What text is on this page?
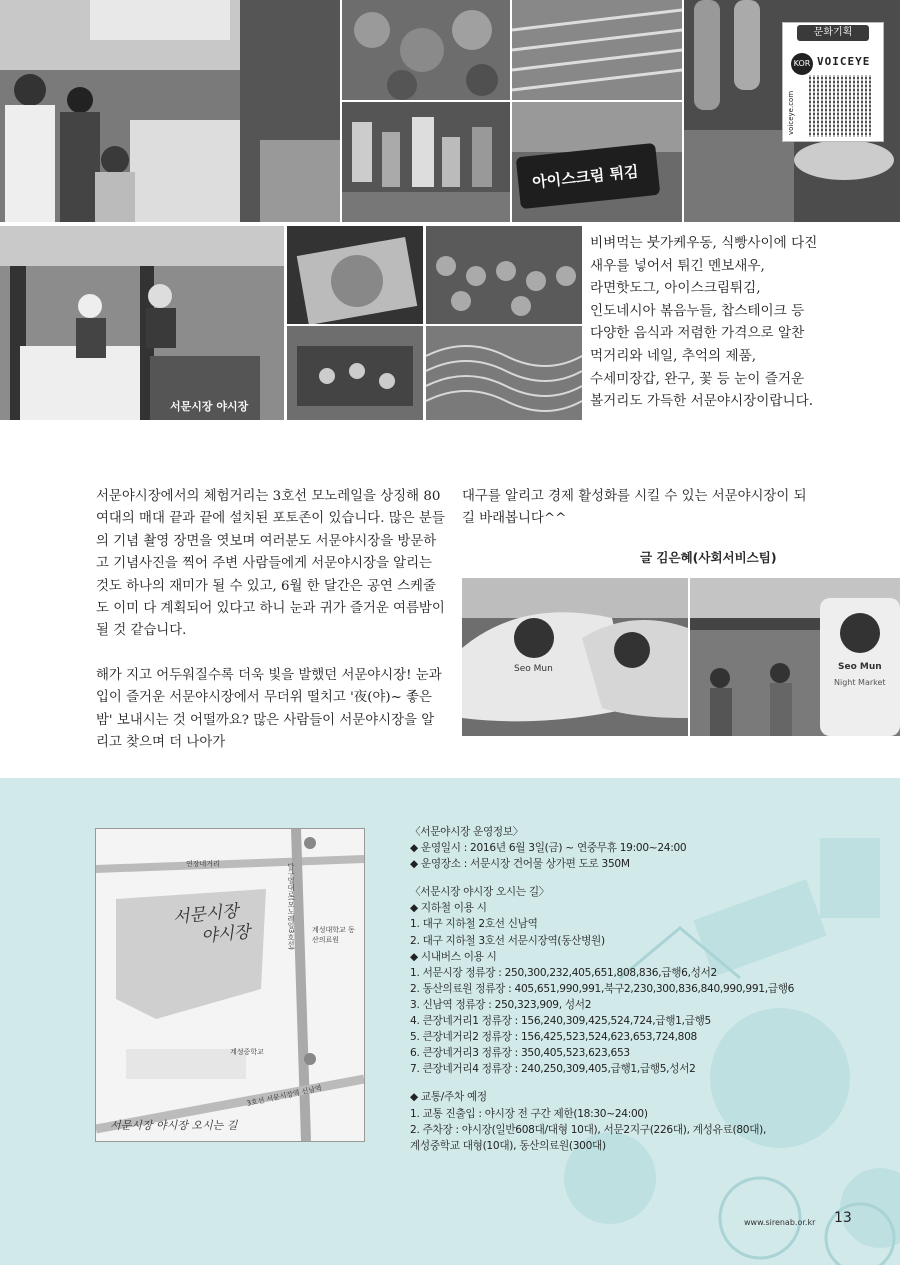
아이스크림 튀김
문화기획
KOR VOICEYE
voiceye.com
서문시장 야시장
비벼먹는 붓가케우동, 식빵사이에 다진 새우를 넣어서 튀긴 멘보새우, 라면핫도그, 아이스크림튀김, 인도네시아 볶음누들, 찹스테이크 등 다양한 음식과 저렴한 가격으로 알찬 먹거리와 네일, 추억의 제품, 수세미장갑, 완구, 꽃 등 눈이 즐거운 볼거리도 가득한 서문야시장이랍니다.

서문야시장에서의 체험거리는 3호선 모노레일을 상징해 80여대의 매대 끝과 끝에 설치된 포토존이 있습니다. 많은 분들의 기념 촬영 장면을 엿보며 여러분도 서문야시장을 방문하고 기념사진을 찍어 주변 사람들에게 서문야시장을 알리는 것도 하나의 재미가 될 수 있고, 6월 한 달간은 공연 스케줄도 이미 다 계획되어 있다고 하니 눈과 귀가 즐거운 여름밤이 될 것 같습니다.

해가 지고 어두워질수록 더욱 빛을 발했던 서문야시장! 눈과 입이 즐거운 서문야시장에서 무더위 떨치고 '夜(야)~ 좋은 밤' 보내시는 것 어떨까요? 많은 사람들이 서문야시장을 알리고 찾으며 더 나아가

대구를 알리고 경제 활성화를 시킬 수 있는 서문야시장이 되길 바래봅니다^^

글 김은혜(사회서비스팀)
Seo Mun	Seo Mun
Night Market
연장네거리	달구벌대로(모노레일3호선) 계성대학교 동산의료원
계성중학교
3호선 서문시장역 신남역
서문시장
야시장
서문시장 야시장 오시는 길
〈서문야시장 운영정보〉
◆ 운영일시 : 2016년 6월 3일(금) ~ 연중무휴 19:00~24:00
◆ 운영장소 : 서문시장 건어물 상가편 도로 350M
〈서문시장 야시장 오시는 길〉
◆ 지하철 이용 시
1. 대구 지하철 2호선 신남역
2. 대구 지하철 3호선 서문시장역(동산병원)
◆ 시내버스 이용 시
1. 서문시장 정류장 : 250,300,232,405,651,808,836,급행6,성서2
2. 동산의료원 정류장 : 405,651,990,991,북구2,230,300,836,840,990,991,급행6
3. 신남역 정류장 : 250,323,909, 성서2
4. 큰장네거리1 정류장 : 156,240,309,425,524,724,급행1,급행5
5. 큰장네거리2 정류장 : 156,425,523,524,623,653,724,808
6. 큰장네거리3 정류장 : 350,405,523,623,653
7. 큰장네거리4 정류장 : 240,250,309,405,급행1,급행5,성서2
◆ 교통/주차 예정
1. 교통 진출입 : 야시장 전 구간 제한(18:30~24:00)
2. 주차장 : 야시장(일반608대/대형 10대), 서문2지구(226대), 계성유료(80대),
계성중학교 대형(10대), 동산의료원(300대)
www.sirenab.or.kr 13
